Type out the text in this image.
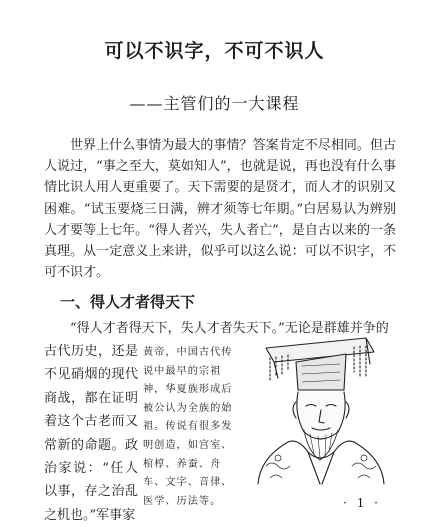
可以不识字，不可不识人
——主管们的一大课程

世界上什么事情为最大的事情？答案肯定不尽相同。但古人说过，“事之至大，莫如知人”，也就是说，再也没有什么事情比识人用人更重要了。天下需要的是贤才，而人才的识别又困难。“试玉要烧三日满，辨才须等七年期。”白居易认为辨别人才要等上七年。“得人者兴，失人者亡”，是自古以来的一条真理。从一定意义上来讲，似乎可以这么说：可以不识字，不可不识才。

一、得人才者得天下
“得人才者得天下，失人才者失天下。”无论是群雄并争的

古代历史，还是不见硝烟的现代商战，都在证明着这个古老而又常新的命题。政治家说：“任人以事，存之治乱之机也。”军事家

黄帝，中国古代传说中最早的宗祖神，华夏族形成后被公认为全族的始祖。传说有很多发明创造，如宫室、棺椁、养蚕、舟车、文字、音律、医学、历法等。	· 1 ·
